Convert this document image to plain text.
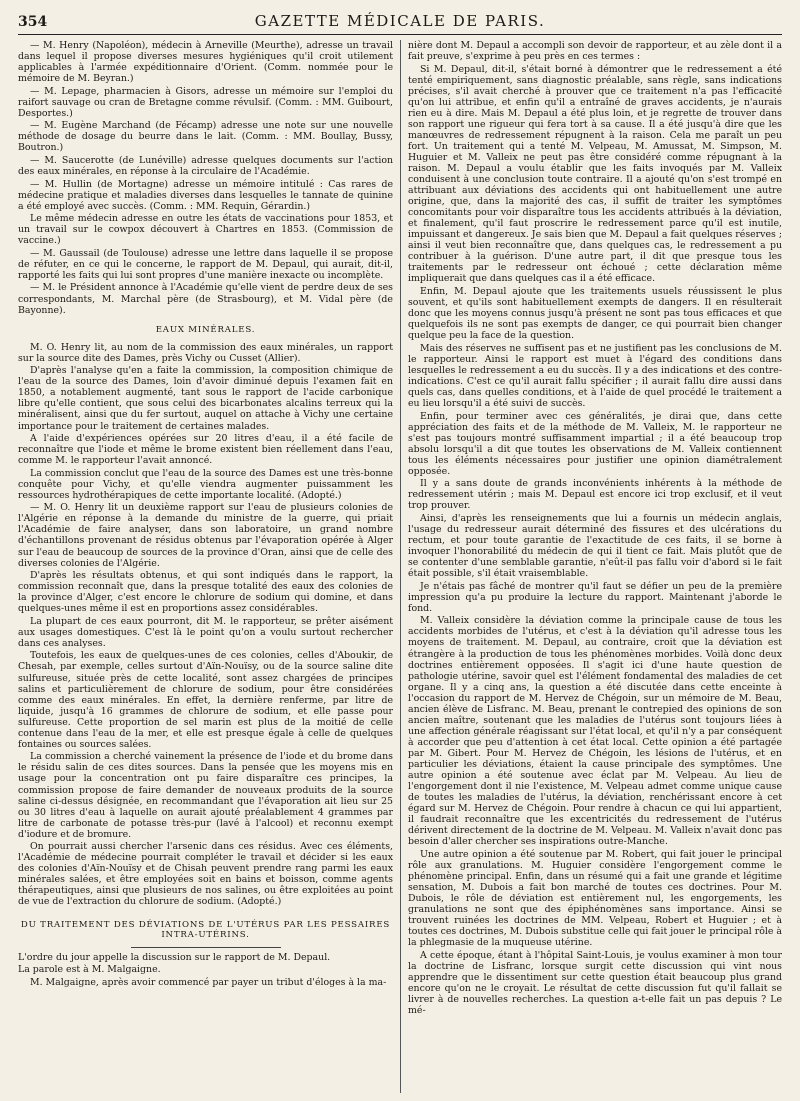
354	GAZETTE MÉDICALE DE PARIS.

— M. Henry (Napoléon), médecin à Arneville (Meurthe), adresse un travail dans lequel il propose diverses mesures hygiéniques qu'il croit utilement applicables à l'armée expéditionnaire d'Orient. (Comm. nommée pour le mémoire de M. Beyran.)

— M. Lepage, pharmacien à Gisors, adresse un mémoire sur l'emploi du raifort sauvage ou cran de Bretagne comme révulsif. (Comm. : MM. Guibourt, Desportes.)

— M. Eugène Marchand (de Fécamp) adresse une note sur une nouvelle méthode de dosage du beurre dans le lait. (Comm. : MM. Boullay, Bussy, Boutron.)

— M. Saucerotte (de Lunéville) adresse quelques documents sur l'action des eaux minérales, en réponse à la circulaire de l'Académie.

— M. Hullin (de Mortagne) adresse un mémoire intitulé : Cas rares de médecine pratique et maladies diverses dans lesquelles le tannate de quinine a été employé avec succès. (Comm. : MM. Requin, Gérardin.)

Le même médecin adresse en outre les états de vaccinations pour 1853, et un travail sur le cowpox découvert à Chartres en 1853. (Commission de vaccine.)

— M. Gaussail (de Toulouse) adresse une lettre dans laquelle il se propose de réfuter, en ce qui le concerne, le rapport de M. Depaul, qui aurait, dit-il, rapporté les faits qui lui sont propres d'une manière inexacte ou incomplète.

— M. le Président annonce à l'Académie qu'elle vient de perdre deux de ses correspondants, M. Marchal père (de Strasbourg), et M. Vidal père (de Bayonne).

EAUX MINÉRALES.

M. O. Henry lit, au nom de la commission des eaux minérales, un rapport sur la source dite des Dames, près Vichy ou Cusset (Allier).

D'après l'analyse qu'en a faite la commission, la composition chimique de l'eau de la source des Dames, loin d'avoir diminué depuis l'examen fait en 1850, a notablement augmenté, tant sous le rapport de l'acide carbonique libre qu'elle contient, que sous celui des bicarbonates alcalins terreux qui la minéralisent, ainsi que du fer surtout, auquel on attache à Vichy une certaine importance pour le traitement de certaines malades.

A l'aide d'expériences opérées sur 20 litres d'eau, il a été facile de reconnaître que l'iode et même le brome existent bien réellement dans l'eau, comme M. le rapporteur l'avait annoncé.

La commission conclut que l'eau de la source des Dames est une très-bonne conquête pour Vichy, et qu'elle viendra augmenter puissamment les ressources hydrothérapiques de cette importante localité. (Adopté.)

— M. O. Henry lit un deuxième rapport sur l'eau de plusieurs colonies de l'Algérie en réponse à la demande du ministre de la guerre, qui priait l'Académie de faire analyser, dans son laboratoire, un grand nombre d'échantillons provenant de résidus obtenus par l'évaporation opérée à Alger sur l'eau de beaucoup de sources de la province d'Oran, ainsi que de celle des diverses colonies de l'Algérie.

D'après les résultats obtenus, et qui sont indiqués dans le rapport, la commission reconnaît que, dans la presque totalité des eaux des colonies de la province d'Alger, c'est encore le chlorure de sodium qui domine, et dans quelques-unes même il est en proportions assez considérables.

La plupart de ces eaux pourront, dit M. le rapporteur, se prêter aisément aux usages domestiques. C'est là le point qu'on a voulu surtout rechercher dans ces analyses.

Toutefois, les eaux de quelques-unes de ces colonies, celles d'Aboukir, de Chesah, par exemple, celles surtout d'Aïn-Nouïsy, ou de la source saline dite sulfureuse, située près de cette localité, sont assez chargées de principes salins et particulièrement de chlorure de sodium, pour être considérées comme des eaux minérales. En effet, la dernière renferme, par litre de liquide, jusqu'à 16 grammes de chlorure de sodium, et elle passe pour sulfureuse. Cette proportion de sel marin est plus de la moitié de celle contenue dans l'eau de la mer, et elle est presque égale à celle de quelques fontaines ou sources salées.

La commission a cherché vainement la présence de l'iode et du brome dans le résidu salin de ces dites sources. Dans la pensée que les moyens mis en usage pour la concentration ont pu faire disparaître ces principes, la commission propose de faire demander de nouveaux produits de la source saline ci-dessus désignée, en recommandant que l'évaporation ait lieu sur 25 ou 30 litres d'eau à laquelle on aurait ajouté préalablement 4 grammes par litre de carbonate de potasse très-pur (lavé à l'alcool) et reconnu exempt d'iodure et de bromure.

On pourrait aussi chercher l'arsenic dans ces résidus. Avec ces éléments, l'Académie de médecine pourrait compléter le travail et décider si les eaux des colonies d'Aïn-Nouïsy et de Chisah peuvent prendre rang parmi les eaux minérales salées, et être employées soit en bains et boisson, comme agents thérapeutiques, ainsi que plusieurs de nos salines, ou être exploitées au point de vue de l'extraction du chlorure de sodium. (Adopté.)

DU TRAITEMENT DES DÉVIATIONS DE L'UTÉRUS PAR LES PESSAIRES
INTRA-UTÉRINS.

L'ordre du jour appelle la discussion sur le rapport de M. Depaul.

La parole est à M. Malgaigne.

M. Malgaigne, après avoir commencé par payer un tribut d'éloges à la ma-

nière dont M. Depaul a accompli son devoir de rapporteur, et au zèle dont il a fait preuve, s'exprime à peu près en ces termes :

Si M. Depaul, dit-il, s'était borné à démontrer que le redressement a été tenté empiriquement, sans diagnostic préalable, sans règle, sans indications précises, s'il avait cherché à prouver que ce traitement n'a pas l'efficacité qu'on lui attribue, et enfin qu'il a entraîné de graves accidents, je n'aurais rien eu à dire. Mais M. Depaul a été plus loin, et je regrette de trouver dans son rapport une rigueur qui fera tort à sa cause. Il a été jusqu'à dire que les manœuvres de redressement répugnent à la raison. Cela me paraît un peu fort. Un traitement qui a tenté M. Velpeau, M. Amussat, M. Simpson, M. Huguier et M. Valleix ne peut pas être considéré comme répugnant à la raison. M. Depaul a voulu établir que les faits invoqués par M. Valleix conduisent à une conclusion toute contraire. Il a ajouté qu'on s'est trompé en attribuant aux déviations des accidents qui ont habituellement une autre origine, que, dans la majorité des cas, il suffit de traiter les symptômes concomitants pour voir disparaître tous les accidents attribués à la déviation, et finalement, qu'il faut proscrire le redressement parce qu'il est inutile, impuissant et dangereux. Je sais bien que M. Depaul a fait quelques réserves ; ainsi il veut bien reconnaître que, dans quelques cas, le redressement a pu contribuer à la guérison. D'une autre part, il dit que presque tous les traitements par le redresseur ont échoué ; cette déclaration même impliquerait que dans quelques cas il a été efficace.

Enfin, M. Depaul ajoute que les traitements usuels réussissent le plus souvent, et qu'ils sont habituellement exempts de dangers. Il en résulterait donc que les moyens connus jusqu'à présent ne sont pas tous efficaces et que quelquefois ils ne sont pas exempts de danger, ce qui pourrait bien changer quelque peu la face de la question.

Mais des réserves ne suffisent pas et ne justifient pas les conclusions de M. le rapporteur. Ainsi le rapport est muet à l'égard des conditions dans lesquelles le redressement a eu du succès. Il y a des indications et des contre-indications. C'est ce qu'il aurait fallu spécifier ; il aurait fallu dire aussi dans quels cas, dans quelles conditions, et à l'aide de quel procédé le traitement a eu lieu lorsqu'il a été suivi de succès.

Enfin, pour terminer avec ces généralités, je dirai que, dans cette appréciation des faits et de la méthode de M. Valleix, M. le rapporteur ne s'est pas toujours montré suffisamment impartial ; il a été beaucoup trop absolu lorsqu'il a dit que toutes les observations de M. Valleix contiennent tous les éléments nécessaires pour justifier une opinion diamétralement opposée.

Il y a sans doute de grands inconvénients inhérents à la méthode de redressement utérin ; mais M. Depaul est encore ici trop exclusif, et il veut trop prouver.

Ainsi, d'après les renseignements que lui a fournis un médecin anglais, l'usage du redresseur aurait déterminé des fissures et des ulcérations du rectum, et pour toute garantie de l'exactitude de ces faits, il se borne à invoquer l'honorabilité du médecin de qui il tient ce fait. Mais plutôt que de se contenter d'une semblable garantie, n'eût-il pas fallu voir d'abord si le fait était possible, s'il était vraisemblable.

Je n'étais pas fâché de montrer qu'il faut se défier un peu de la première impression qu'a pu produire la lecture du rapport. Maintenant j'aborde le fond.

M. Valleix considère la déviation comme la principale cause de tous les accidents morbides de l'utérus, et c'est à la déviation qu'il adresse tous les moyens de traitement. M. Depaul, au contraire, croit que la déviation est étrangère à la production de tous les phénomènes morbides. Voilà donc deux doctrines entièrement opposées. Il s'agit ici d'une haute question de pathologie utérine, savoir quel est l'élément fondamental des maladies de cet organe. Il y a cinq ans, la question a été discutée dans cette enceinte à l'occasion du rapport de M. Hervez de Chégoin, sur un mémoire de M. Beau, ancien élève de Lisfranc. M. Beau, prenant le contrepied des opinions de son ancien maître, soutenant que les maladies de l'utérus sont toujours liées à une affection générale réagissant sur l'état local, et qu'il n'y a par conséquent à accorder que peu d'attention à cet état local. Cette opinion a été partagée par M. Gibert. Pour M. Hervez de Chégoin, les lésions de l'utérus, et en particulier les déviations, étaient la cause principale des symptômes. Une autre opinion a été soutenue avec éclat par M. Velpeau. Au lieu de l'engorgement dont il nie l'existence, M. Velpeau admet comme unique cause de toutes les maladies de l'utérus, la déviation, renchérissant encore à cet égard sur M. Hervez de Chégoin. Pour rendre à chacun ce qui lui appartient, il faudrait reconnaître que les excentricités du redressement de l'utérus dérivent directement de la doctrine de M. Velpeau. M. Valleix n'avait donc pas besoin d'aller chercher ses inspirations outre-Manche.

Une autre opinion a été soutenue par M. Robert, qui fait jouer le principal rôle aux granulations. M. Huguier considère l'engorgement comme le phénomène principal. Enfin, dans un résumé qui a fait une grande et légitime sensation, M. Dubois a fait bon marché de toutes ces doctrines. Pour M. Dubois, le rôle de déviation est entièrement nul, les engorgements, les granulations ne sont que des épiphénomènes sans importance. Ainsi se trouvent ruinées les doctrines de MM. Velpeau, Robert et Huguier ; et à toutes ces doctrines, M. Dubois substitue celle qui fait jouer le principal rôle à la phlegmasie de la muqueuse utérine.

A cette époque, étant à l'hôpital Saint-Louis, je voulus examiner à mon tour la doctrine de Lisfranc, lorsque surgit cette discussion qui vint nous apprendre que le dissentiment sur cette question était beaucoup plus grand encore qu'on ne le croyait. Le résultat de cette discussion fut qu'il fallait se livrer à de nouvelles recherches. La question a-t-elle fait un pas depuis ? Le mé-
